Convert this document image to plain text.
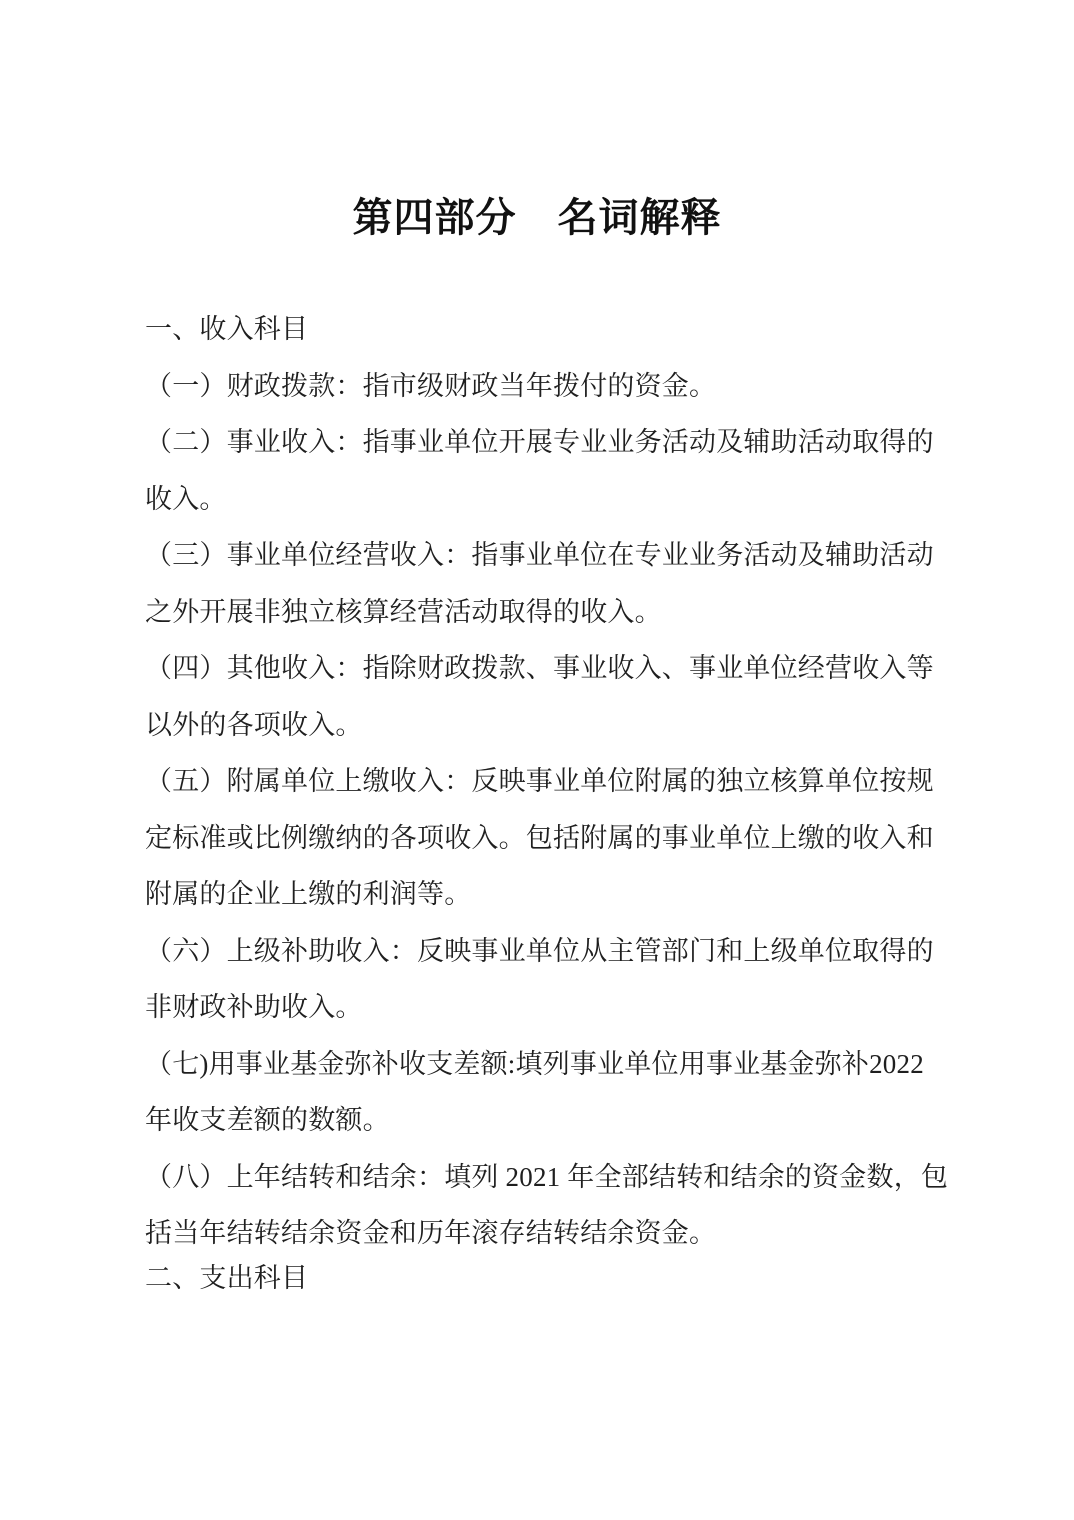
第四部分　名词解释
一、收入科目
（一）财政拨款：指市级财政当年拨付的资金。
（二）事业收入：指事业单位开展专业业务活动及辅助活动取得的
收入。
（三）事业单位经营收入：指事业单位在专业业务活动及辅助活动
之外开展非独立核算经营活动取得的收入。
（四）其他收入：指除财政拨款、事业收入、事业单位经营收入等
以外的各项收入。
（五）附属单位上缴收入：反映事业单位附属的独立核算单位按规
定标准或比例缴纳的各项收入。包括附属的事业单位上缴的收入和
附属的企业上缴的利润等。
（六）上级补助收入：反映事业单位从主管部门和上级单位取得的
非财政补助收入。
（七)用事业基金弥补收支差额:填列事业单位用事业基金弥补2022
年收支差额的数额。
（八）上年结转和结余：填列 2021 年全部结转和结余的资金数，包
括当年结转结余资金和历年滚存结转结余资金。
二、支出科目
